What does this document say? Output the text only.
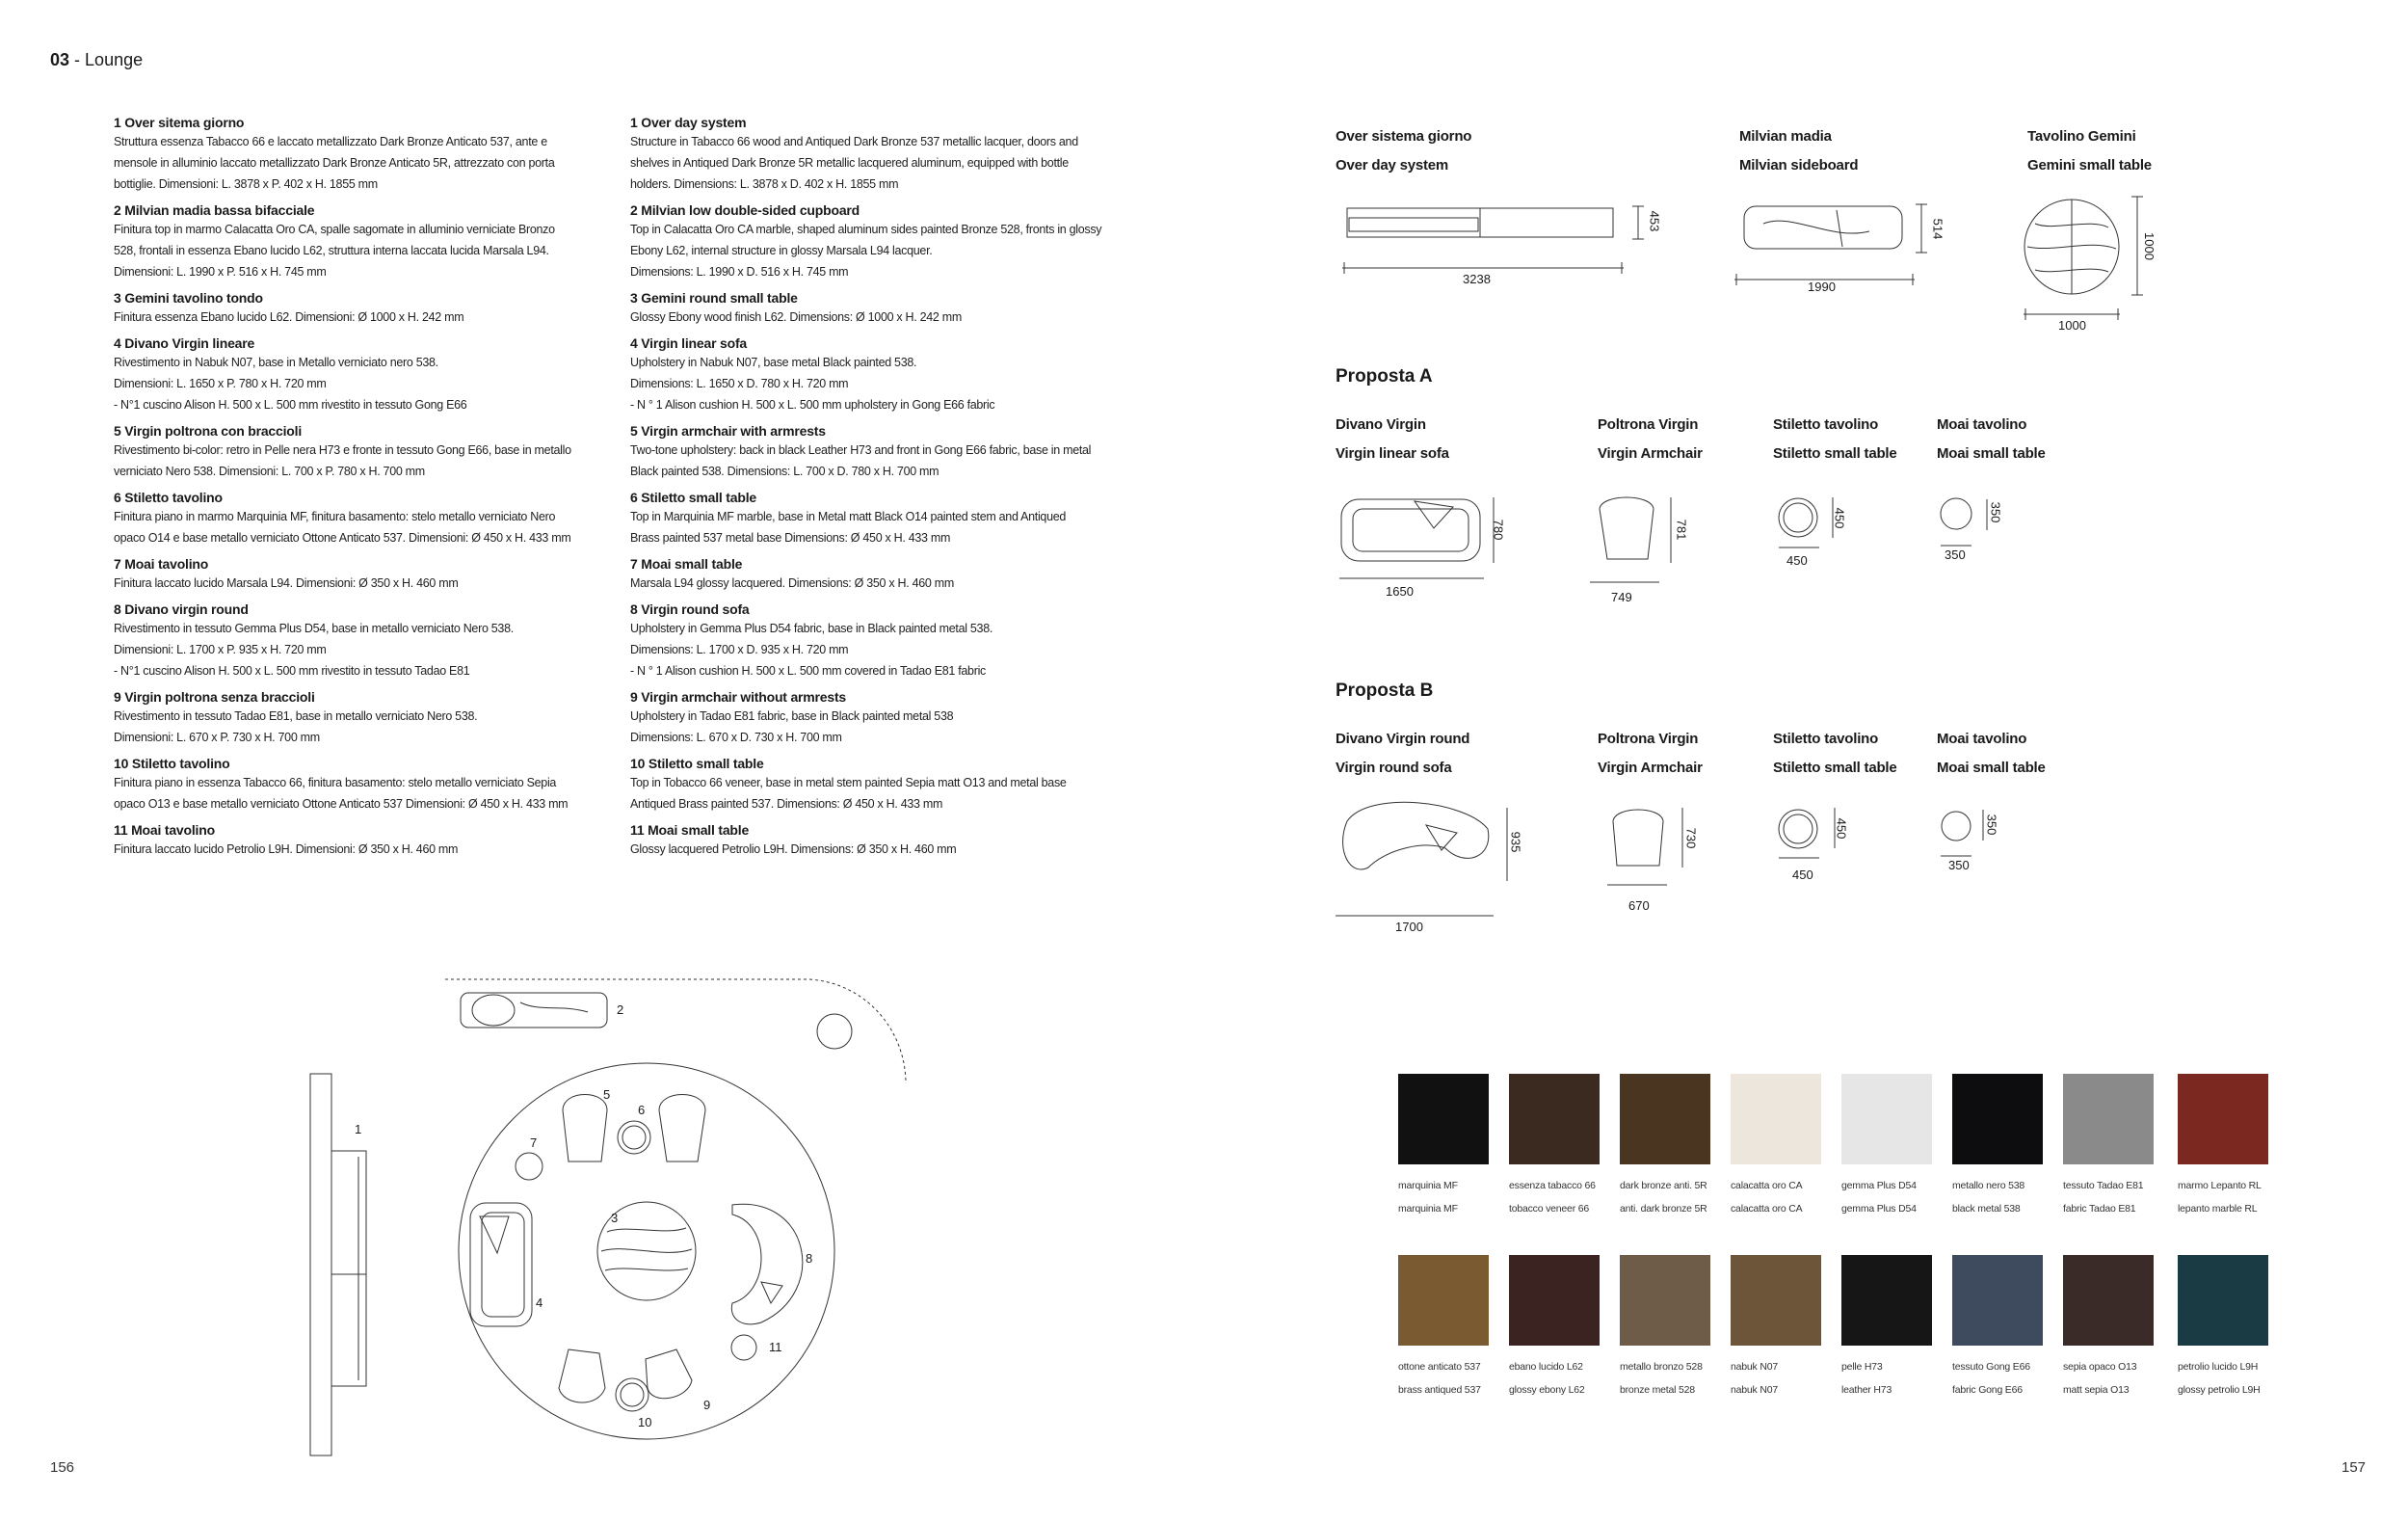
03 - Lounge
1 Over sitema giorno
Struttura essenza Tabacco 66 e laccato metallizzato Dark Bronze Anticato 537, ante e
mensole in alluminio laccato metallizzato Dark Bronze Anticato 5R, attrezzato con porta
bottiglie. Dimensioni: L. 3878 x P. 402 x H. 1855 mm
2 Milvian madia bassa bifacciale
Finitura top in marmo Calacatta Oro CA, spalle sagomate in alluminio verniciate Bronzo
528, frontali in essenza Ebano lucido L62, struttura interna laccata lucida Marsala L94.
Dimensioni: L. 1990 x P. 516 x H. 745 mm
3 Gemini tavolino tondo
Finitura essenza Ebano lucido L62. Dimensioni: Ø 1000 x H. 242 mm
4 Divano Virgin lineare
Rivestimento in Nabuk N07, base in Metallo verniciato nero 538.
Dimensioni: L. 1650 x P. 780 x H. 720 mm
- N°1 cuscino Alison H. 500 x L. 500 mm rivestito in tessuto Gong E66
5 Virgin poltrona con braccioli
Rivestimento bi-color: retro in Pelle nera H73 e fronte in tessuto Gong E66, base in metallo
verniciato Nero 538. Dimensioni: L. 700 x P. 780 x H. 700 mm
6 Stiletto tavolino
Finitura piano in marmo Marquinia MF, finitura basamento: stelo metallo verniciato Nero
opaco O14 e base metallo verniciato Ottone Anticato 537. Dimensioni: Ø 450 x H. 433 mm
7 Moai tavolino
Finitura laccato lucido Marsala L94. Dimensioni: Ø 350 x H. 460 mm
8 Divano virgin round
Rivestimento in tessuto Gemma Plus D54, base in metallo verniciato Nero 538.
Dimensioni: L. 1700 x P. 935 x H. 720 mm
- N°1 cuscino Alison H. 500 x L. 500 mm rivestito in tessuto Tadao E81
9 Virgin poltrona senza braccioli
Rivestimento in tessuto Tadao E81, base in metallo verniciato Nero 538.
Dimensioni: L. 670 x P. 730 x H. 700 mm
10 Stiletto tavolino
Finitura piano in essenza Tabacco 66, finitura basamento: stelo metallo verniciato Sepia
opaco O13 e base metallo verniciato Ottone Anticato 537 Dimensioni: Ø 450 x H. 433 mm
11 Moai tavolino
Finitura laccato lucido Petrolio L9H. Dimensioni: Ø 350 x H. 460 mm
1 Over day system
Structure in Tabacco 66 wood and Antiqued Dark Bronze 537 metallic lacquer, doors and
shelves in Antiqued Dark Bronze 5R metallic lacquered aluminum, equipped with bottle
holders. Dimensions: L. 3878 x D. 402 x H. 1855 mm
2 Milvian low double-sided cupboard
Top in Calacatta Oro CA marble, shaped aluminum sides painted Bronze 528, fronts in glossy
Ebony L62, internal structure in glossy Marsala L94 lacquer.
Dimensions: L. 1990 x D. 516 x H. 745 mm
3 Gemini round small table
Glossy Ebony wood finish L62. Dimensions: Ø 1000 x H. 242 mm
4 Virgin linear sofa
Upholstery in Nabuk N07, base metal Black painted 538.
Dimensions: L. 1650 x D. 780 x H. 720 mm
- N ° 1 Alison cushion H. 500 x L. 500 mm upholstery in Gong E66 fabric
5 Virgin armchair with armrests
Two-tone upholstery: back in black Leather H73 and front in Gong E66 fabric, base in metal
Black painted 538. Dimensions: L. 700 x D. 780 x H. 700 mm
6 Stiletto small table
Top in Marquinia MF marble, base in Metal matt Black O14 painted stem and Antiqued
Brass painted 537 metal base Dimensions: Ø 450 x H. 433 mm
7 Moai small table
Marsala L94 glossy lacquered. Dimensions: Ø 350 x H. 460 mm
8 Virgin round sofa
Upholstery in Gemma Plus D54 fabric, base in Black painted metal 538.
Dimensions: L. 1700 x D. 935 x H. 720 mm
- N ° 1 Alison cushion H. 500 x L. 500 mm covered in Tadao E81 fabric
9 Virgin armchair without armrests
Upholstery in Tadao E81 fabric, base in Black painted metal 538
Dimensions: L. 670 x D. 730 x H. 700 mm
10 Stiletto small table
Top in Tobacco 66 veneer, base in metal stem painted Sepia matt O13 and metal base
Antiqued Brass painted 537. Dimensions: Ø 450 x H. 433 mm
11 Moai small table
Glossy lacquered Petrolio L9H. Dimensions: Ø 350 x H. 460 mm
1
2
3
4
5
6
7
8
9
10
11
Over sistema giorno
Over day system
Milvian madia
Milvian sideboard
Tavolino Gemini
Gemini small table
3238
453
1990
514
1000
1000
Proposta A
Divano Virgin
Virgin linear sofa
1650
780
Poltrona Virgin
Virgin Armchair
749
781
Stiletto tavolino
Stiletto small table
450
450
Moai tavolino
Moai small table
350
350
Proposta B
Divano Virgin round
Virgin round sofa
1700
935
Poltrona Virgin
Virgin Armchair
670
730
Stiletto tavolino
Stiletto small table
450
450
Moai tavolino
Moai small table
350
350
marquinia MF
marquinia MF
essenza tabacco 66
tobacco veneer 66
dark bronze anti. 5R
anti. dark bronze 5R
calacatta oro CA
calacatta oro CA
gemma Plus D54
gemma Plus D54
metallo nero 538
black metal 538
tessuto Tadao E81
fabric Tadao E81
marmo Lepanto RL
lepanto marble RL
ottone anticato 537
brass antiqued 537
ebano lucido L62
glossy ebony L62
metallo bronzo 528
bronze metal 528
nabuk N07
nabuk N07
pelle H73
leather H73
tessuto Gong E66
fabric Gong E66
sepia opaco O13
matt sepia O13
petrolio lucido L9H
glossy petrolio L9H
156	157
